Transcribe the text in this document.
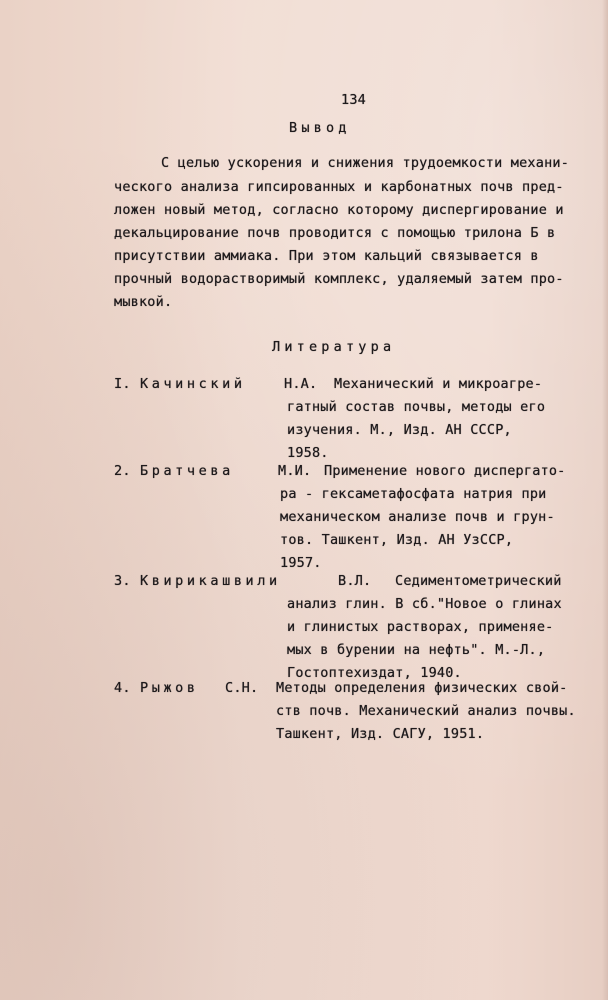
134
Вывод
С целью ускорения и снижения трудоемкости механи-
ческого анализа гипсированных и карбонатных почв пред-
ложен новый метод, согласно которому диспергирование и
декальцирование почв проводится с помощью трилона Б в
присутствии аммиака. При этом кальций связывается в
прочный водорастворимый комплекс, удаляемый затем про-
мывкой.
Литература
I. Качинский	Н.А. Механический и микроагре-
гатный состав почвы, методы его
изучения. М., Изд. АН СССР,
1958.
2. Братчева	М.И. Применение нового диспергато-
ра - гексаметафосфата натрия при
механическом анализе почв и грун-
тов. Ташкент, Изд. АН УзССР,
1957.
3. Квирикашвили	В.Л. Седиментометрический
анализ глин. В сб."Новое о глинах
и глинистых растворах, применяе-
мых в бурении на нефть". М.-Л.,
Гостоптехиздат, 1940.
4. Рыжов С.Н. Методы определения физических свой-
ств почв. Механический анализ почвы.
Ташкент, Изд. САГУ, 1951.
